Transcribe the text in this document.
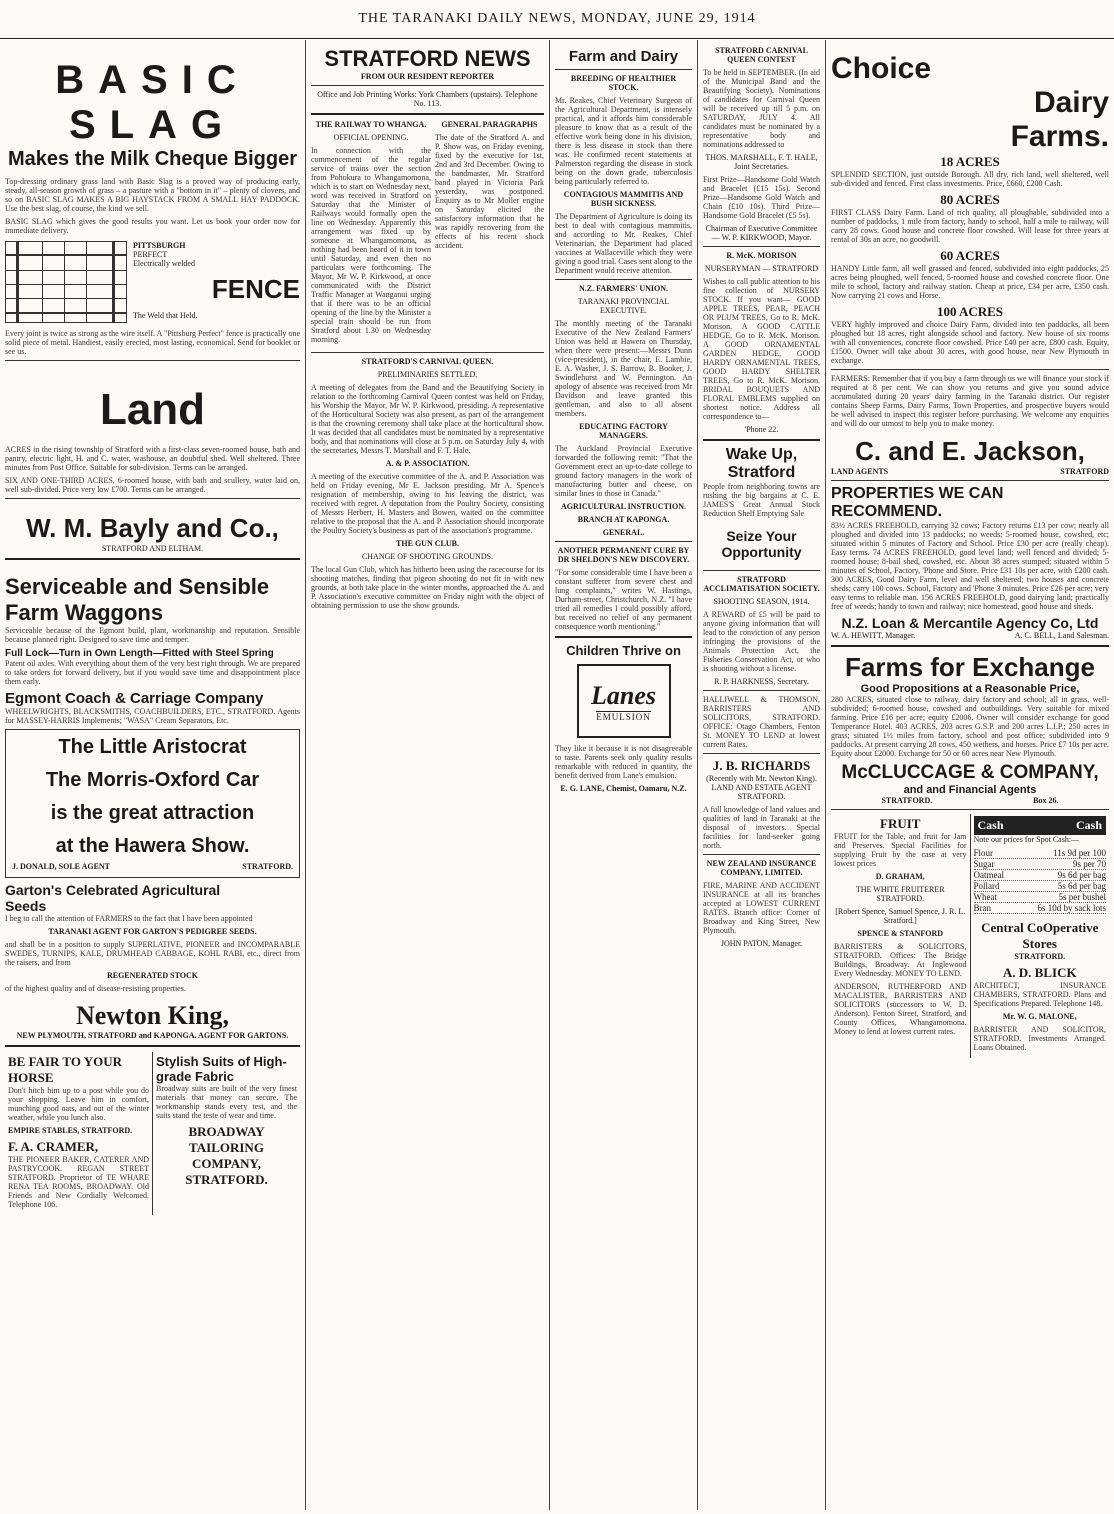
THE TARANAKI DAILY NEWS, MONDAY, JUNE 29, 1914
BASIC SLAG
Makes the Milk Cheque Bigger

Top-dressing ordinary grass land with Basic Slag is a proved way of producing early, steady, all-season growth of grass – a pasture with a "bottom in it" – plenty of clovers, and so on BASIC SLAG MAKES A BIG HAYSTACK FROM A SMALL HAY PADDOCK. Use the best slag, of course, the kind we sell.

BASIC SLAG which gives the good results you want. Let us book your order now for immediate delivery.

PITTSBURGH
PERFECT
Electrically welded
FENCE
The Weld that Held.

Every joint is twice as strong as the wire itself. A "Pittsburg Perfect" fence is practically one solid piece of metal. Handiest, easily erected, most lasting, economical. Send for booklet or see us.

Land

ACRES in the rising township of Stratford with a first-class seven-roomed house, bath and pantry, electric light, H. and C. water, washouse, an doubtful shed. Well sheltered. Three minutes from Post Office. Suitable for sub-division. Terms can be arranged.

SIX AND ONE-THIRD ACRES, 6-roomed house, with bath and scullery, water laid on, well sub-divided. Price very low £700. Terms can be arranged.

W. M. Bayly and Co.,
STRATFORD AND ELTHAM.
Serviceable and Sensible
Farm Waggons

Serviceable because of the Egmont build, plant, workmanship and reputation. Sensible because planned right. Designed to save time and temper.

Full Lock—Turn in Own Length—Fitted with Steel Spring

Patent oil axles. With everything about them of the very best right through. We are prepared to take orders for forward delivery, but if you would save time and disappointment place them early.

Egmont Coach & Carriage Company

WHEELWRIGHTS, BLACKSMITHS, COACHBUILDERS, ETC., STRATFORD. Agents for MASSEY-HARRIS Implements; "WASA" Cream Separators, Etc.

The Little Aristocrat
The Morris-Oxford Car
is the great attraction
at the Hawera Show.
J. DONALD, SOLE AGENT	STRATFORD.
Garton's Celebrated Agricultural
Seeds

I beg to call the attention of FARMERS to the fact that I have been appointed

TARANAKI AGENT FOR GARTON'S PEDIGREE SEEDS.

and shall be in a position to supply SUPERLATIVE, PIONEER and INCOMPARABLE SWEDES, TURNIPS, KALE, DRUMHEAD CABBAGE, KOHL RABI, etc., direct from the raisers, and from

REGENERATED STOCK

of the highest quality and of disease-resisting properties.

Newton King,

NEW PLYMOUTH, STRATFORD and KAPONGA. AGENT FOR GARTONS.

BE FAIR TO YOUR HORSE

Don't hitch him up to a post while you do your shopping. Leave him in comfort, munching good oats, and out of the winter weather, while you lunch also.

EMPIRE STABLES, STRATFORD.

F. A. CRAMER,

THE PIONEER BAKER, CATERER AND PASTRYCOOK. REGAN STREET STRATFORD. Proprietor of TE WHARE RENA TEA ROOMS, BROADWAY. Old Friends and New Cordially Welcomed. Telephone 106.

Stylish Suits of High-grade Fabric

Broadway suits are built of the very finest materials that money can secure. The workmanship stands every test, and the suits stand the teste of wear and time.

BROADWAY TAILORING COMPANY, STRATFORD.

STRATFORD NEWS
FROM OUR RESIDENT REPORTER

Office and Job Printing Works: York Chambers (upstairs). Telephone No. 113.

THE RAILWAY TO WHANGA.

OFFICIAL OPENING.

In connection with the commencement of the regular service of trains over the section from Pohokura to Whangamomona, which is to start on Wednesday next, word was received in Stratford on Saturday that the Minister of Railways would formally open the line on Wednesday. Apparently this arrangement was fixed up by someone at Whangamomona, as nothing had been heard of it in town until Saturday, and even then no particulars were forthcoming. The Mayor, Mr W. P. Kirkwood, at once communicated with the District Traffic Manager at Wanganui urging that if there was to be an official opening of the line by the Minister a special train should be run from Stratford about 1.30 on Wednesday morning.

GENERAL PARAGRAPHS

The date of the Stratford A. and P. Show was, on Friday evening, fixed by the executive for 1st, 2nd and 3rd December. Owing to the bandmaster, Mr. Stratford band played in Victoria Park yesterday, was postponed. Enquiry as to Mr Moller engine on Saturday elicited the satisfactory information that he was rapidly recovering from the effects of his recent shock accident.

STRATFORD'S CARNIVAL QUEEN.

PRELIMINARIES SETTLED.

A meeting of delegates from the Band and the Beautifying Society in relation to the forthcoming Carnival Queen contest was held on Friday, his Worship the Mayor, Mr W. P. Kirkwood, presiding. A representative of the Horticultural Society was also present, as part of the arrangement is that the crowning ceremony shall take place at the horticultural show. It was decided that all candidates must be nominated by a representative body, and that nominations will close at 5 p.m. on Saturday July 4, with the secretaries, Messrs T. Marshall and F. T. Hale.

A. & P. ASSOCIATION.

A meeting of the executive committee of the A. and P. Association was held on Friday evening, Mr E. Jackson presiding. Mr A. Spence's resignation of membership, owing to his leaving the district, was received with regret. A deputation from the Poultry Society, consisting of Messrs Herbert, H. Masters and Bowen, waited on the committee relative to the proposal that the A. and P. Association should incorporate the Poultry Society's business as part of the association's programme.

THE GUN CLUB.

CHANGE OF SHOOTING GROUNDS.

The local Gun Club, which has hitherto been using the racecourse for its shooting matches, finding that pigeon shooting do not fit in with new grounds, at both take place in the winter months, approached the A. and P. Association's executive committee on Friday night with the object of obtaining permission to use the show grounds.

Farm and Dairy

BREEDING OF HEALTHIER STOCK.

Mr. Reakes, Chief Veterinary Surgeon of the Agricultural Department, is intensely practical, and it affords him considerable pleasure to know that as a result of the effective work being done in his division, there is less disease in stock than there was. He confirmed recent statements at Palmerston regarding the disease in stock being on the down grade, tuberculosis being particularly referred to.

CONTAGIOUS MAMMITIS AND BUSH SICKNESS.

The Department of Agriculture is doing its best to deal with contagious mammitis, and according to Mr. Reakes, Chief Veterinarian, the Department had placed vaccines at Wallaceville which they were giving a good trial. Cases sent along to the Department would receive attention.

N.Z. FARMERS' UNION.

TARANAKI PROVINCIAL EXECUTIVE.

The monthly meeting of the Taranaki Executive of the New Zealand Farmers' Union was held at Hawera on Thursday, when there were present:—Messrs Dunn (vice-president), in the chair, E. Lambie, E. A. Washer, J. S. Barrow, B. Booker, J. Swindlehurst and W. Pennington. An apology of absence was received from Mr Davidson and leave granted this gentleman, and also to all absent members.

EDUCATING FACTORY MANAGERS.

The Auckland Provincial Executive forwarded the following remit: "That the Government erect an up-to-date college to ground factory managers in the work of manufacturing butter and cheese, on similar lines to those in Canada."

AGRICULTURAL INSTRUCTION.

BRANCH AT KAPONGA.

GENERAL.

ANOTHER PERMANENT CURE BY DR SHELDON'S NEW DISCOVERY.

"For some considerable time I have been a constant sufferer from severe chest and lung complaints," writes W. Hastings, Durham-street, Christchurch, N.Z. "I have tried all remedies I could possibly afford, but received no relief of any permanent consequence worth mentioning."

Children Thrive on
Lanes
EMULSION

They like it because it is not disagreeable to taste. Parents seek only quality results remarkable with reduced in quantity, the benefit derived from Lane's emulsion.

E. G. LANE, Chemist, Oamaru, N.Z.

STRATFORD CARNIVAL QUEEN CONTEST

To be held in SEPTEMBER. (In aid of the Municipal Band and the Beautifying Society). Nominations of candidates for Carnival Queen will be received up till 5 p.m. on SATURDAY, JULY 4. All candidates must be nominated by a representative body and nominations addressed to

THOS. MARSHALL, F. T. HALE, Joint Secretaries.

First Prize—Handsome Gold Watch and Bracelet (£15 15s). Second Prize—Handsome Gold Watch and Chain (£10 10s). Third Prize—Handsome Gold Bracelet (£5 5s).

Chairman of Executive Committee— W. P. KIRKWOOD, Mayor.

R. McK. MORISON

NURSERYMAN — STRATFORD

Wishes to call public attention to his fine collection of NURSERY STOCK. If you want— GOOD APPLE TREES, PEAR, PEACH OR PLUM TREES, Go to R. McK. Morison. A GOOD CATTLE HEDGE, Go to R. McK. Morison. A GOOD ORNAMENTAL GARDEN HEDGE, GOOD HARDY ORNAMENTAL TREES, GOOD HARDY SHELTER TREES, Go to R. McK. Morison. BRIDAL BOUQUETS AND FLORAL EMBLEMS supplied on shortest notice. Address all correspondence to—

'Phone 22.

Wake Up, Stratford

People from neighboring towns are rushing the big bargains at C. E. JAMES'S Great Annual Stock Reduction Shelf Emptying Sale

Seize Your Opportunity

STRATFORD ACCLIMATISATION SOCIETY.

SHOOTING SEASON, 1914.

A REWARD of £5 will be paid to anyone giving information that will lead to the conviction of any person infringing the provisions of the Animals Protection Act, the Fisheries Conservation Act, or who is shooting without a license.

R. P. HARKNESS, Secretary.

HALLIWELL & THOMSON, BARRISTERS AND SOLICITORS, STRATFORD. OFFICE: Otago Chambers, Fenton St. MONEY TO LEND at lowest current Rates.

J. B. RICHARDS

(Recently with Mr. Newton King). LAND AND ESTATE AGENT STRATFORD.

A full knowledge of land values and qualities of land in Taranaki at the disposal of investors. Special facilities for land-seeker going north.

NEW ZEALAND INSURANCE COMPANY, LIMITED.

FIRE, MARINE AND ACCIDENT INSURANCE at all its branches accepted at LOWEST CURRENT RATES. Branch office: Corner of Broadway and King Street, New Plymouth.

JOHN PATON, Manager.

Choice
Dairy
Farms.
18 ACRES

SPLENDID SECTION, just outside Borough. All dry, rich land, well sheltered, well sub-divided and fenced. First class investments. Price, £660, £200 Cash.

80 ACRES

FIRST CLASS Dairy Farm. Land of rich quality, all ploughable, subdivided into a number of paddocks, 1 mile from factory, handy to school, half a mile to railway, will carry 28 cows. Good house and concrete floor cowshed. Will lease for three years at rental of 30s an acre, no goodwill.

60 ACRES

HANDY Little farm, all well grassed and fenced, subdivided into eight paddocks, 25 acres being ploughed, well fenced, 5-roomed house and cowshed concrete floor. One mile to school, factory and railway station. Cheap at price, £34 per acre, £350 cash. Now carrying 21 cows and Horse.

100 ACRES

VERY highly improved and choice Dairy Farm, divided into ten paddocks, all been ploughed but 18 acres, right alongside school and factory. New house of six rooms with all conveniences, concrete floor cowshed. Price £40 per acre, £800 cash. Equity, £1500. Owner will take about 30 acres, with good house, near New Plymouth in exchange.

FARMERS: Remember that if you buy a farm through us we will finance your stock if required at 8 per cent. We can show you returns and give you sound advice accumulated during 20 years' dairy farming in the Taranaki district. Our register contains Sheep Farms, Dairy Farms, Town Properties, and prospective buyers would be well advised to inspect this register before purchasing. We welcome any enquiries and will do our utmost to help you to make money.

C. and E. Jackson,
LAND AGENTS	STRATFORD
PROPERTIES WE CAN RECOMMEND.

83½ ACRES FREEHOLD, carrying 32 cows; Factory returns £13 per cow; nearly all ploughed and divided into 13 paddocks; no weeds; 5-roomed house, cowshed, etc; situated within 5 minutes of Factory and School. Price £30 per acre (really cheap). Easy terms. 74 ACRES FREEHOLD, good level land; well fenced and divided; 5-roomed house; 8-bail shed, cowshed, etc. About 38 acres stumped; situated within 5 minutes of School, Factory, 'Phone and Store. Price £31 10s per acre, with £200 cash. 300 ACRES, Good Dairy Farm, level and well sheltered; two houses and concrete sheds; carry 100 cows. School, Factory and 'Phone 3 minutes. Price £26 per acre; very easy terms to reliable man. 156 ACRES FREEHOLD, good dairying land; practically free of weeds; handy to town and railway; nice homestead, good house and sheds.

N.Z. Loan & Mercantile Agency Co, Ltd
W. A. HEWITT, Manager.	A. C. BELL, Land Salesman.
Farms for Exchange
Good Propositions at a Reasonable Price,

280 ACRES, situated close to railway, dairy factory and school; all in grass, well-subdivided; 6-roomed house, cowshed and outbuildings. Very suitable for mixed farming. Price £16 per acre; equity £2006. Owner will consider exchange for good Temperance Hotel. 403 ACRES, 203 acres G.S.P. and 200 acres L.I.P.; 250 acres in grass; situated 1½ miles from factory, school and post office; subdivided into 9 paddocks. At present carrying 28 cows, 450 wethers, and horses. Price £7 10s per acre. Equity about £2000. Exchange for 50 or 60 acres near New Plymouth.

McCLUCCAGE & COMPANY,
and and Financial Agents
STRATFORD.	Box 26.
FRUIT

FRUIT for the Table, and fruit for Jam and Preserves. Special Facilities for supplying Fruit by the case at very lowest prices

D. GRAHAM,

THE WHITE FRUITERER STRATFORD.

[Robert Spence, Samuel Spence, J. R. L. Stratford.]

SPENCE & STANFORD

BARRISTERS & SOLICITORS, STRATFORD. Offices: The Bridge Buildings, Broadway. At Inglewood Every Wednesday. MONEY TO LEND.

ANDERSON, RUTHERFORD AND MACALISTER, BARRISTERS AND SOLICITORS (successors to W. D. Anderson). Fenton Street, Stratford, and County Offices, Whangamomona. Money to lend at lowest current rates.

Cash	Cash

Note our prices for Spot Cash:—

Flour	11s 9d per 100
Sugar	9s per 70
Oatmeal	9s 6d per bag
Pollard	5s 6d per bag
Wheat	5s per bushel
Bran	6s 10d by sack lots
Central CoOperative Stores

STRATFORD.

A. D. BLICK

ARCHITECT, INSURANCE CHAMBERS, STRATFORD. Plans and Specifications Prepared. Telephone 148.

Mr. W. G. MALONE,

BARRISTER AND SOLICITOR, STRATFORD. Investments Arranged. Loans Obtained.
